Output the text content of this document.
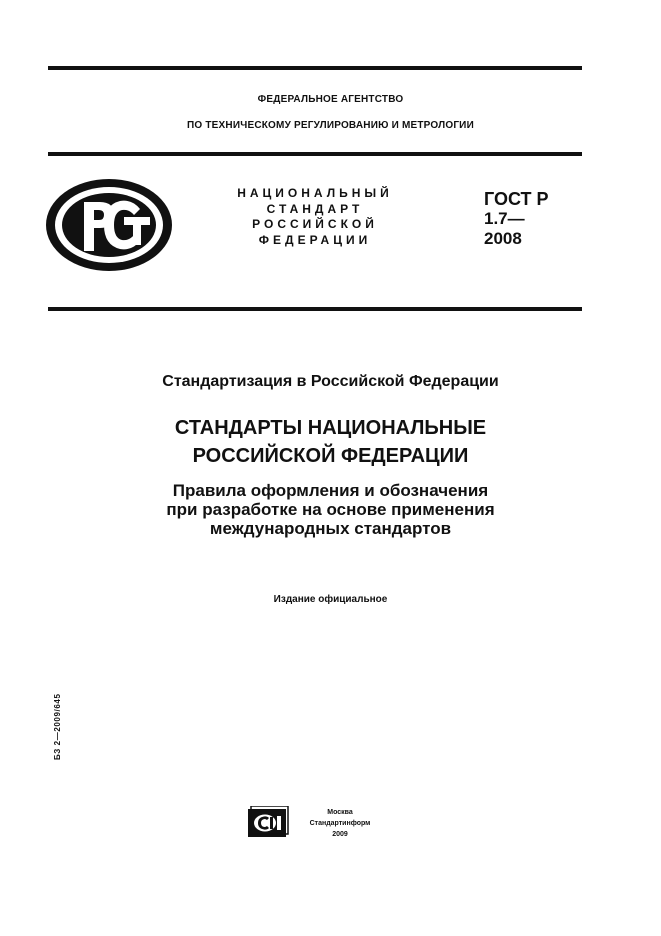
ФЕДЕРАЛЬНОЕ АГЕНТСТВО
ПО ТЕХНИЧЕСКОМУ РЕГУЛИРОВАНИЮ И МЕТРОЛОГИИ
НАЦИОНАЛЬНЫЙ
СТАНДАРТ
РОССИЙСКОЙ
ФЕДЕРАЦИИ
ГОСТ Р
1.7—
2008
Стандартизация в Российской Федерации
СТАНДАРТЫ НАЦИОНАЛЬНЫЕ
РОССИЙСКОЙ ФЕДЕРАЦИИ
Правила оформления и обозначения
при разработке на основе применения
международных стандартов
Издание официальное
БЗ 2—2009/645
Москва
Стандартинформ
2009
